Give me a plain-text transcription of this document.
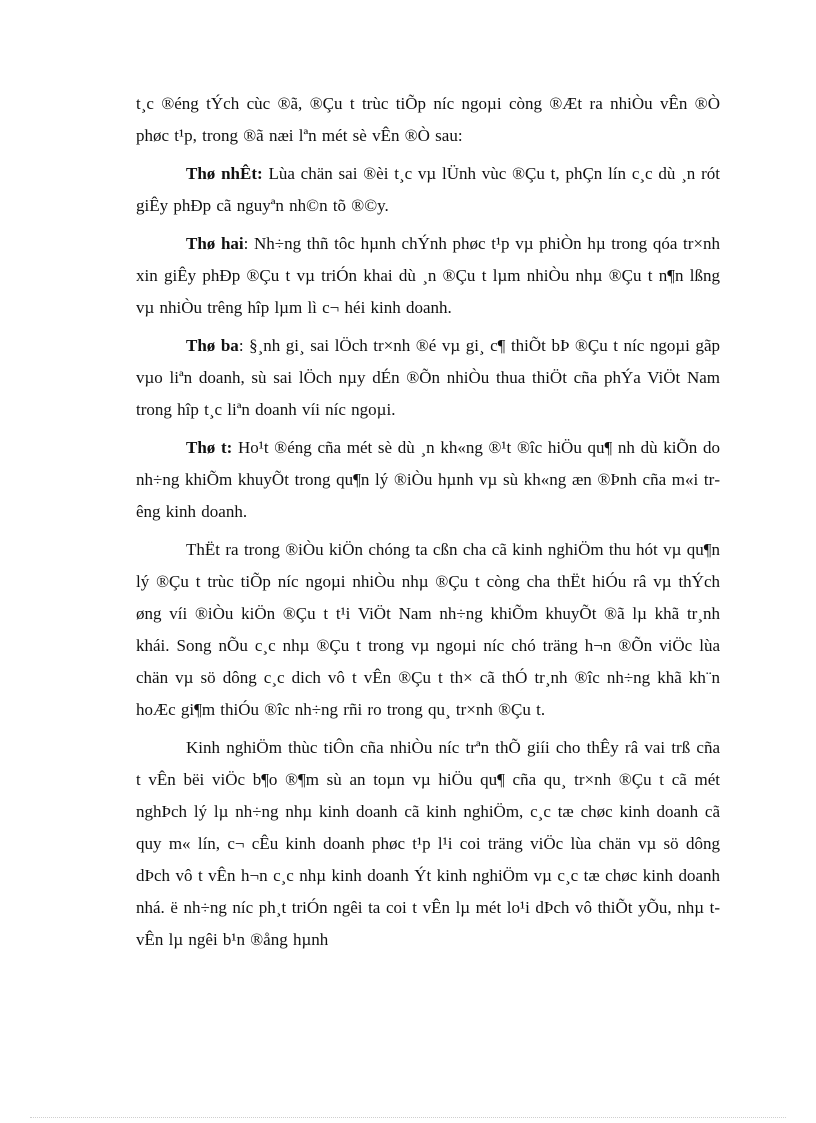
t¸c ®éng tÝch cùc ®ã, ®Çu t trùc tiÕp níc ngoµi còng ®Æt ra nhiÒu vÊn ®Ò phøc t¹p, trong ®ã næi lªn mét sè vÊn ®Ò sau:

Thø nhÊt: Lùa chän sai ®èi t¸c vµ lÜnh vùc ®Çu t, phÇn lín c¸c dù ¸n rót giÊy phÐp cã nguyªn nh©n tõ ®©y.

Thø hai: Nh÷ng thñ tôc hµnh chÝnh phøc t¹p vµ phiÒn hµ trong qóa tr×nh xin giÊy phÐp ®Çu t vµ triÓn khai dù ¸n ®Çu t lµm nhiÒu nhµ ®Çu t n¶n lßng vµ nhiÒu trêng hîp lµm lì c¬ héi kinh doanh.

Thø ba: §¸nh gi¸ sai lÖch tr×nh ®é vµ gi¸ c¶ thiÕt bÞ ®Çu t níc ngoµi gãp vµo liªn doanh, sù sai lÖch nµy dÉn ®Õn nhiÒu thua thiÖt cña phÝa ViÖt Nam trong hîp t¸c liªn doanh víi níc ngoµi.

Thø t: Ho¹t ®éng cña mét sè dù ¸n kh«ng ®¹t ®îc hiÖu qu¶ nh dù kiÕn do nh÷ng khiÕm khuyÕt trong qu¶n lý ®iÒu hµnh vµ sù kh«ng æn ®Þnh cña m«i trêng kinh doanh.

ThËt ra trong ®iÒu kiÖn chóng ta cßn cha cã kinh nghiÖm thu hót vµ qu¶n lý ®Çu t trùc tiÕp níc ngoµi nhiÒu nhµ ®Çu t còng cha thËt hiÓu râ vµ thÝch øng víi ®iÒu kiÖn ®Çu t t¹i ViÖt Nam nh÷ng khiÕm khuyÕt ®ã lµ khã tr¸nh khái. Song nÕu c¸c nhµ ®Çu t trong vµ ngoµi níc chó träng h¬n ®Õn viÖc lùa chän vµ sö dông c¸c dich vô t vÊn ®Çu t th× cã thÓ tr¸nh ®îc nh÷ng khã kh¨n hoÆc gi¶m thiÓu ®îc nh÷ng rñi ro trong qu¸ tr×nh ®Çu t.

Kinh nghiÖm thùc tiÔn cña nhiÒu níc trªn thÕ giíi cho thÊy râ vai trß cña t vÊn bëi viÖc b¶o ®¶m sù an toµn vµ hiÖu qu¶ cña qu¸ tr×nh ®Çu t cã mét nghÞch lý lµ nh÷ng nhµ kinh doanh cã kinh nghiÖm, c¸c tæ chøc kinh doanh cã quy m« lín, c¬ cÊu kinh doanh phøc t¹p l¹i coi träng viÖc lùa chän vµ sö dông dÞch vô t vÊn h¬n c¸c nhµ kinh doanh Ýt kinh nghiÖm vµ c¸c tæ chøc kinh doanh nhá. ë nh÷ng níc ph¸t triÓn ngêi ta coi t vÊn lµ mét lo¹i dÞch vô thiÕt yÕu, nhµ t vÊn lµ ngêi b¹n ®ång hµnh
